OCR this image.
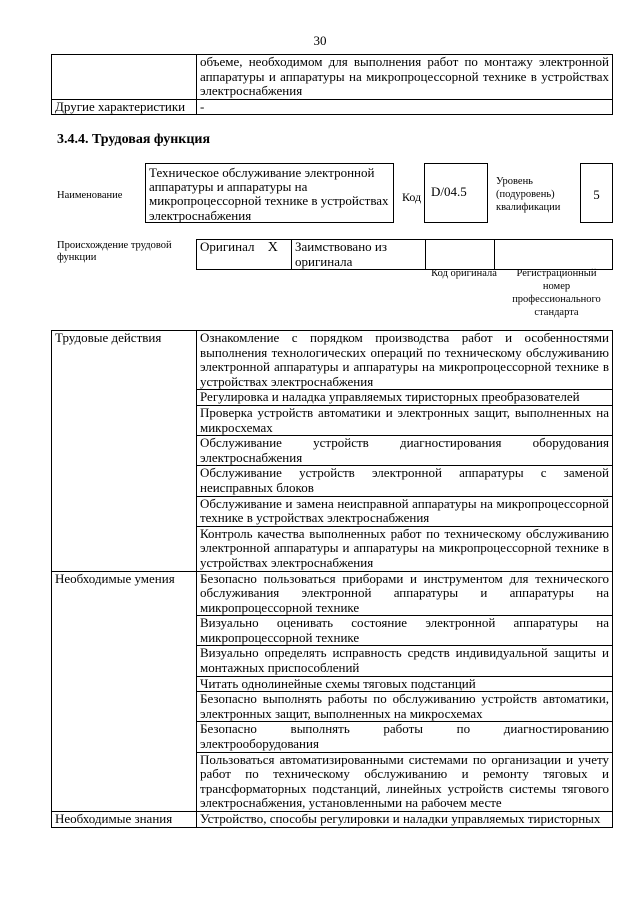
30
	объеме, необходимом для выполнения работ по монтажу электронной аппаратуры и аппаратуры на микропроцессорной технике в устройствах электроснабжения
Другие характеристики	-
3.4.4. Трудовая функция
Наименование
Техническое обслуживание электронной аппаратуры и аппаратуры на микропроцессорной технике в устройствах электроснабжения
Код D/04.5
Уровень (подуровень) квалификации
5
Происхождение трудовой функции
Оригинал X	Заимствовано из оригинала		
Код оригинала	Регистрационный номер профессионального стандарта
Трудовые действия	Ознакомление с порядком производства работ и особенностями выполнения технологических операций по техническому обслуживанию электронной аппаратуры и аппаратуры на микропроцессорной технике в устройствах электроснабжения
	Регулировка и наладка управляемых тиристорных преобразователей
	Проверка устройств автоматики и электронных защит, выполненных на микросхемах
	Обслуживание устройств диагностирования оборудования электроснабжения
	Обслуживание устройств электронной аппаратуры с заменой неисправных блоков
	Обслуживание и замена неисправной аппаратуры на микропроцессорной технике в устройствах электроснабжения
	Контроль качества выполненных работ по техническому обслуживанию электронной аппаратуры и аппаратуры на микропроцессорной технике в устройствах электроснабжения
Необходимые умения	Безопасно пользоваться приборами и инструментом для технического обслуживания электронной аппаратуры и аппаратуры на микропроцессорной технике
	Визуально оценивать состояние электронной аппаратуры на микропроцессорной технике
	Визуально определять исправность средств индивидуальной защиты и монтажных приспособлений
	Читать однолинейные схемы тяговых подстанций
	Безопасно выполнять работы по обслуживанию устройств автоматики, электронных защит, выполненных на микросхемах
	Безопасно выполнять работы по диагностированию электрооборудования
	Пользоваться автоматизированными системами по организации и учету работ по техническому обслуживанию и ремонту тяговых и трансформаторных подстанций, линейных устройств системы тягового электроснабжения, установленными на рабочем месте
Необходимые знания	Устройство, способы регулировки и наладки управляемых тиристорных
